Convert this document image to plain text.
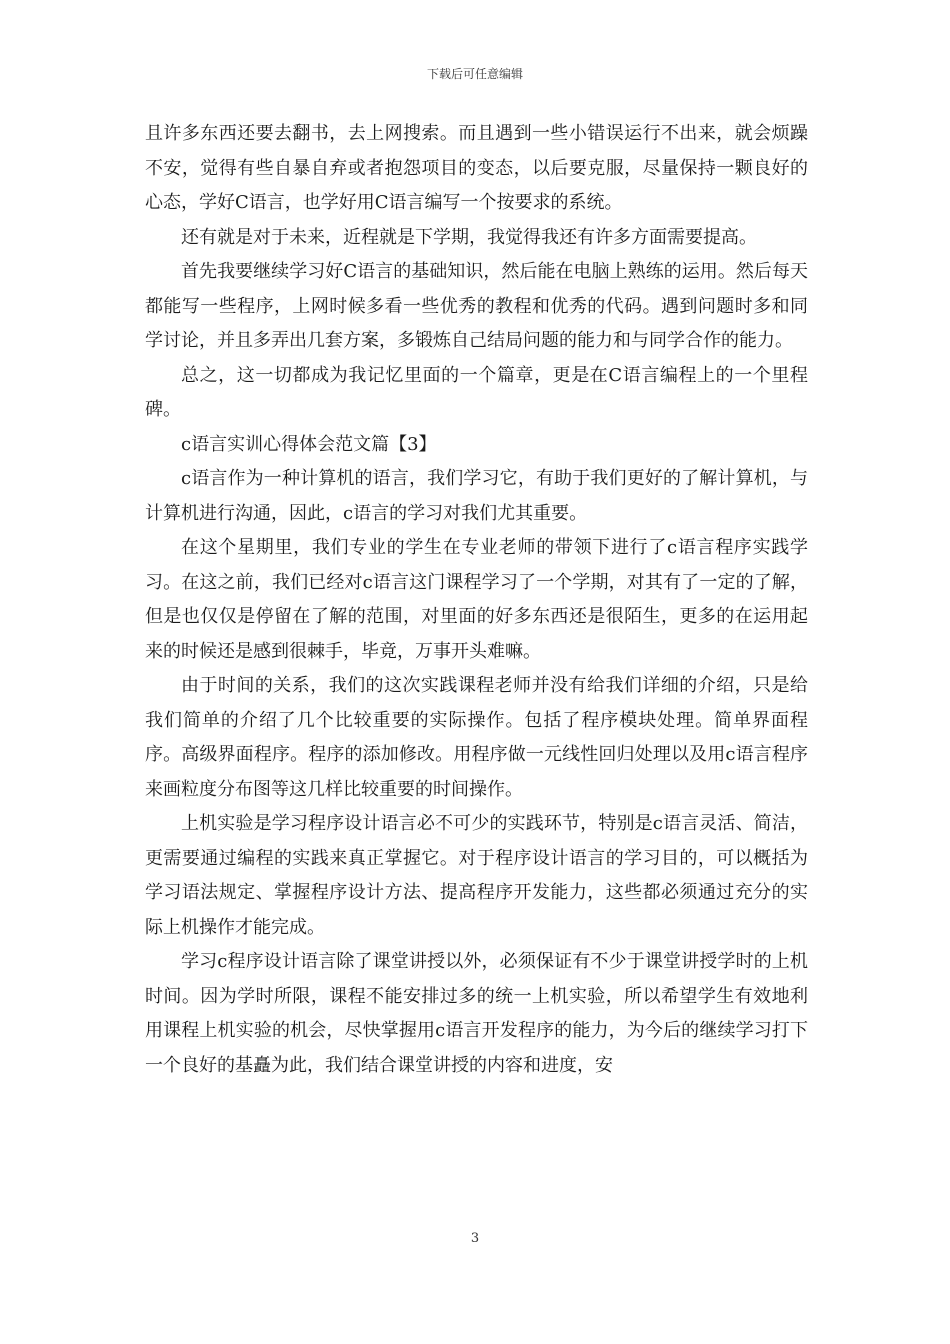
下载后可任意编辑

且许多东西还要去翻书，去上网搜索。而且遇到一些小错误运行不出来，就会烦躁不安，觉得有些自暴自弃或者抱怨项目的变态，以后要克服，尽量保持一颗良好的心态，学好C语言，也学好用C语言编写一个按要求的系统。

还有就是对于未来，近程就是下学期，我觉得我还有许多方面需要提高。

首先我要继续学习好C语言的基础知识，然后能在电脑上熟练的运用。然后每天都能写一些程序，上网时候多看一些优秀的教程和优秀的代码。遇到问题时多和同学讨论，并且多弄出几套方案，多锻炼自己结局问题的能力和与同学合作的能力。

总之，这一切都成为我记忆里面的一个篇章，更是在C语言编程上的一个里程碑。

c语言实训心得体会范文篇【3】

c语言作为一种计算机的语言，我们学习它，有助于我们更好的了解计算机，与计算机进行沟通，因此，c语言的学习对我们尤其重要。

在这个星期里，我们专业的学生在专业老师的带领下进行了c语言程序实践学习。在这之前，我们已经对c语言这门课程学习了一个学期，对其有了一定的了解，但是也仅仅是停留在了解的范围，对里面的好多东西还是很陌生，更多的在运用起来的时候还是感到很棘手，毕竟，万事开头难嘛。

由于时间的关系，我们的这次实践课程老师并没有给我们详细的介绍，只是给我们简单的介绍了几个比较重要的实际操作。包括了程序模块处理。简单界面程序。高级界面程序。程序的添加修改。用程序做一元线性回归处理以及用c语言程序来画粒度分布图等这几样比较重要的时间操作。

上机实验是学习程序设计语言必不可少的实践环节，特别是c语言灵活、简洁，更需要通过编程的实践来真正掌握它。对于程序设计语言的学习目的，可以概括为学习语法规定、掌握程序设计方法、提高程序开发能力，这些都必须通过充分的实际上机操作才能完成。

学习c程序设计语言除了课堂讲授以外，必须保证有不少于课堂讲授学时的上机时间。因为学时所限，课程不能安排过多的统一上机实验，所以希望学生有效地利用课程上机实验的机会，尽快掌握用c语言开发程序的能力，为今后的继续学习打下一个良好的基矗为此，我们结合课堂讲授的内容和进度，安

3
